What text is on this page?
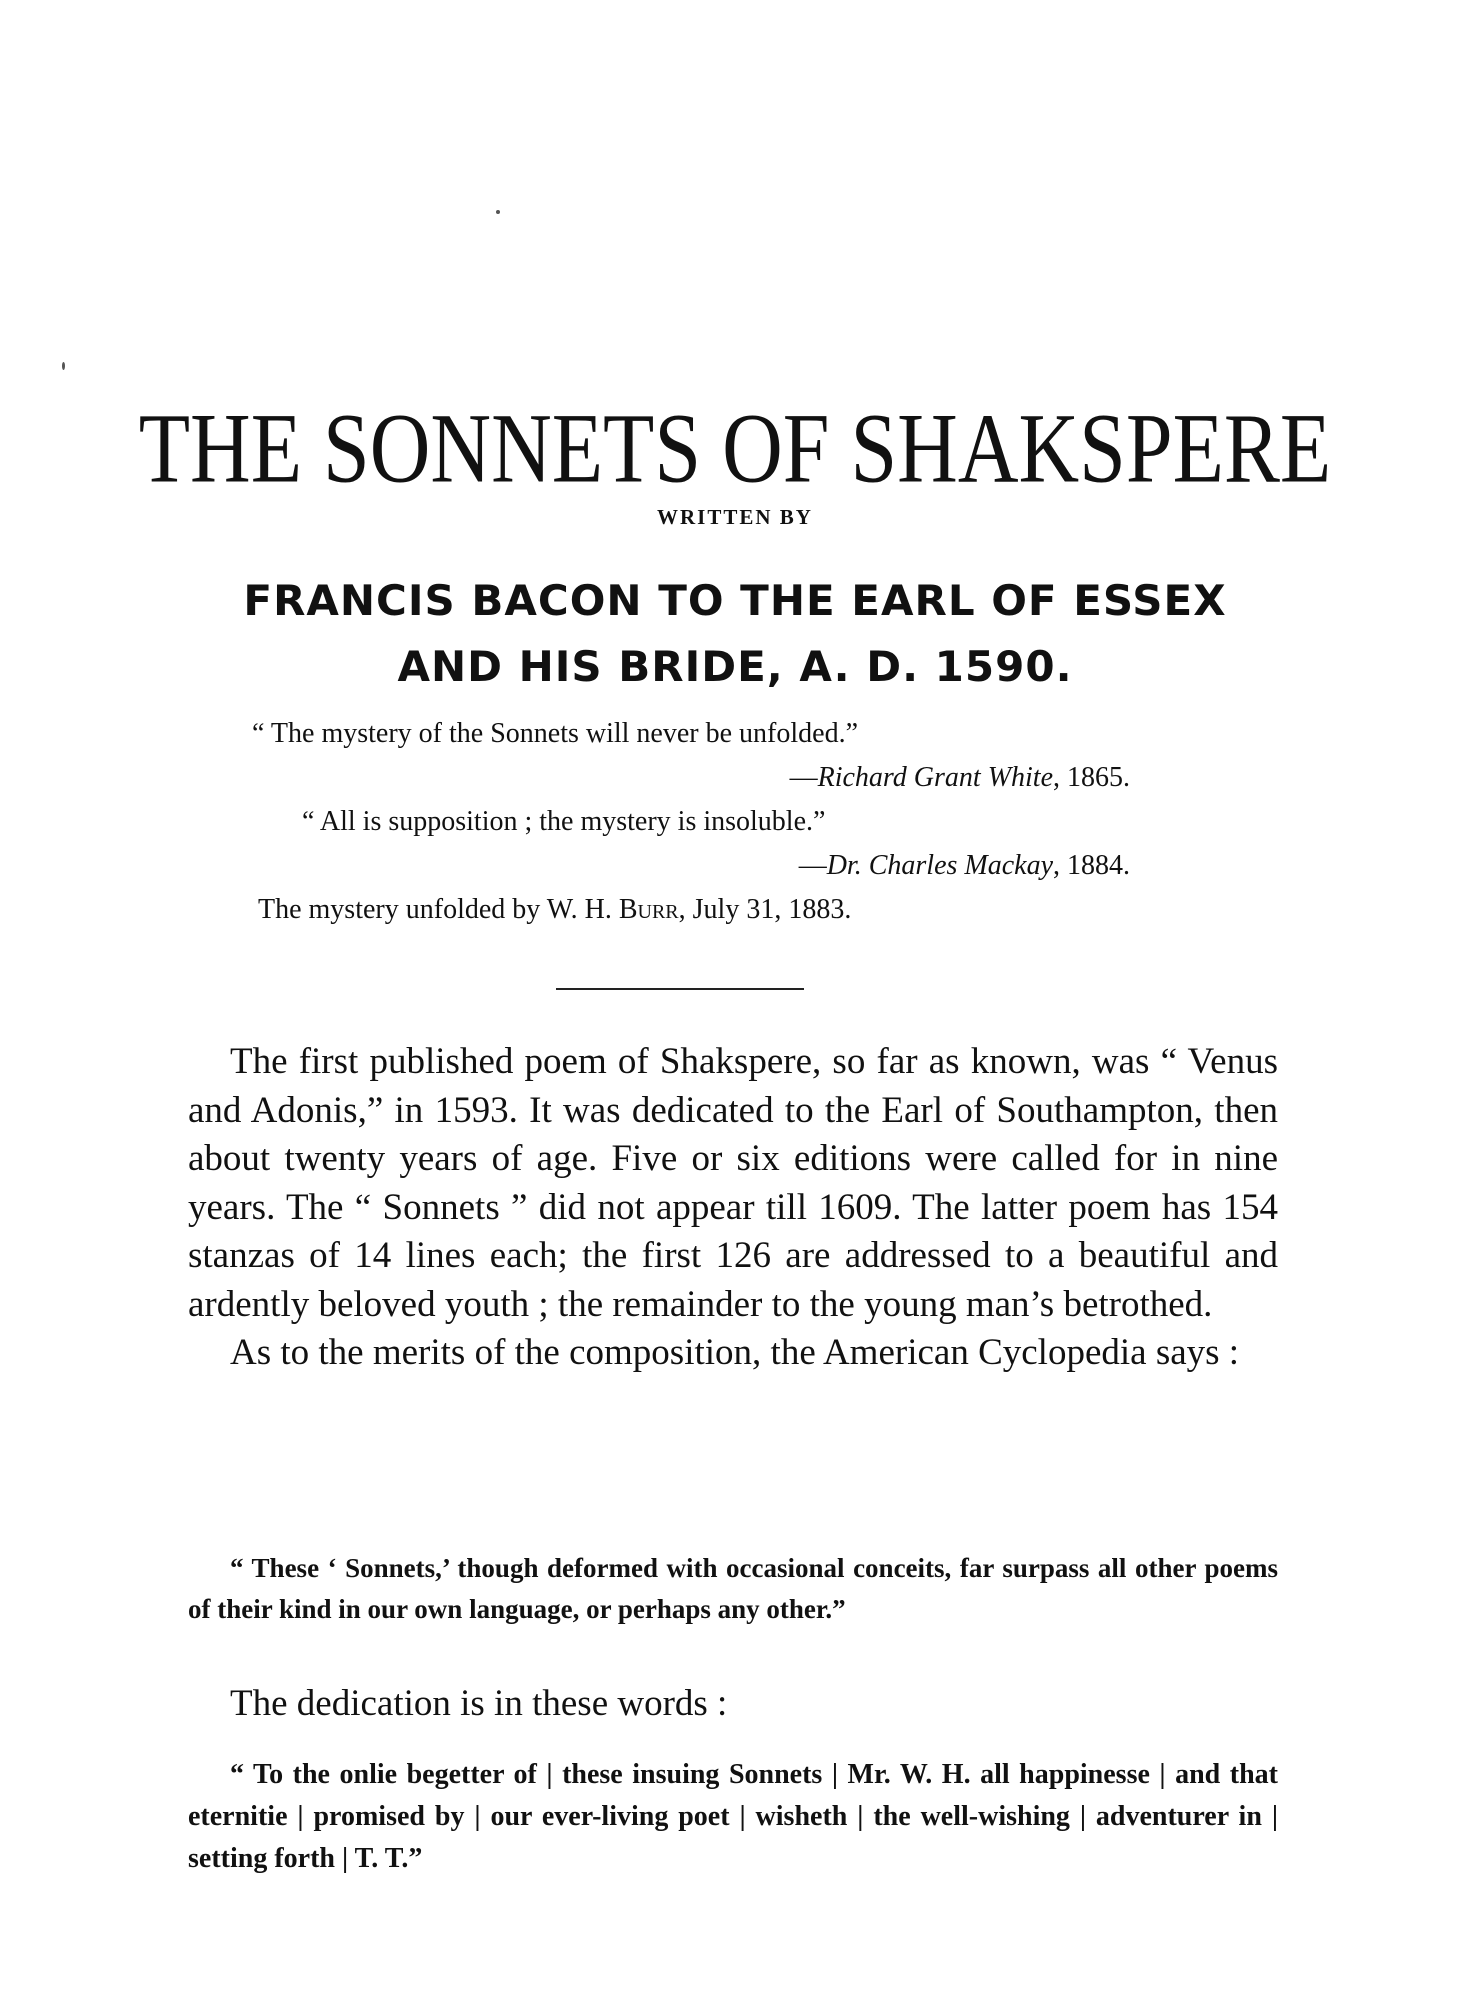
THE SONNETS OF SHAKSPERE
WRITTEN BY
FRANCIS BACON TO THE EARL OF ESSEX
AND HIS BRIDE, A. D. 1590.
“ The mystery of the Sonnets will never be unfolded.”
—Richard Grant White, 1865.
“ All is supposition ; the mystery is insoluble.”
—Dr. Charles Mackay, 1884.
The mystery unfolded by W. H. Burr, July 31, 1883.

The first published poem of Shakspere, so far as known, was “ Venus and Adonis,” in 1593. It was dedicated to the Earl of Southampton, then about twenty years of age. Five or six editions were called for in nine years. The “ Sonnets ” did not appear till 1609. The latter poem has 154 stanzas of 14 lines each; the first 126 are addressed to a beautiful and ardently beloved youth ; the remainder to the young man’s betrothed.

As to the merits of the composition, the American Cyclopedia says :

“ These ‘ Sonnets,’ though deformed with occasional conceits, far surpass all other poems of their kind in our own language, or perhaps any other.”

The dedication is in these words :

“ To the onlie begetter of | these insuing Sonnets | Mr. W. H. all happinesse | and that eternitie | promised by | our ever-living poet | wisheth | the well-wishing | adventurer in | setting forth | T. T.”
